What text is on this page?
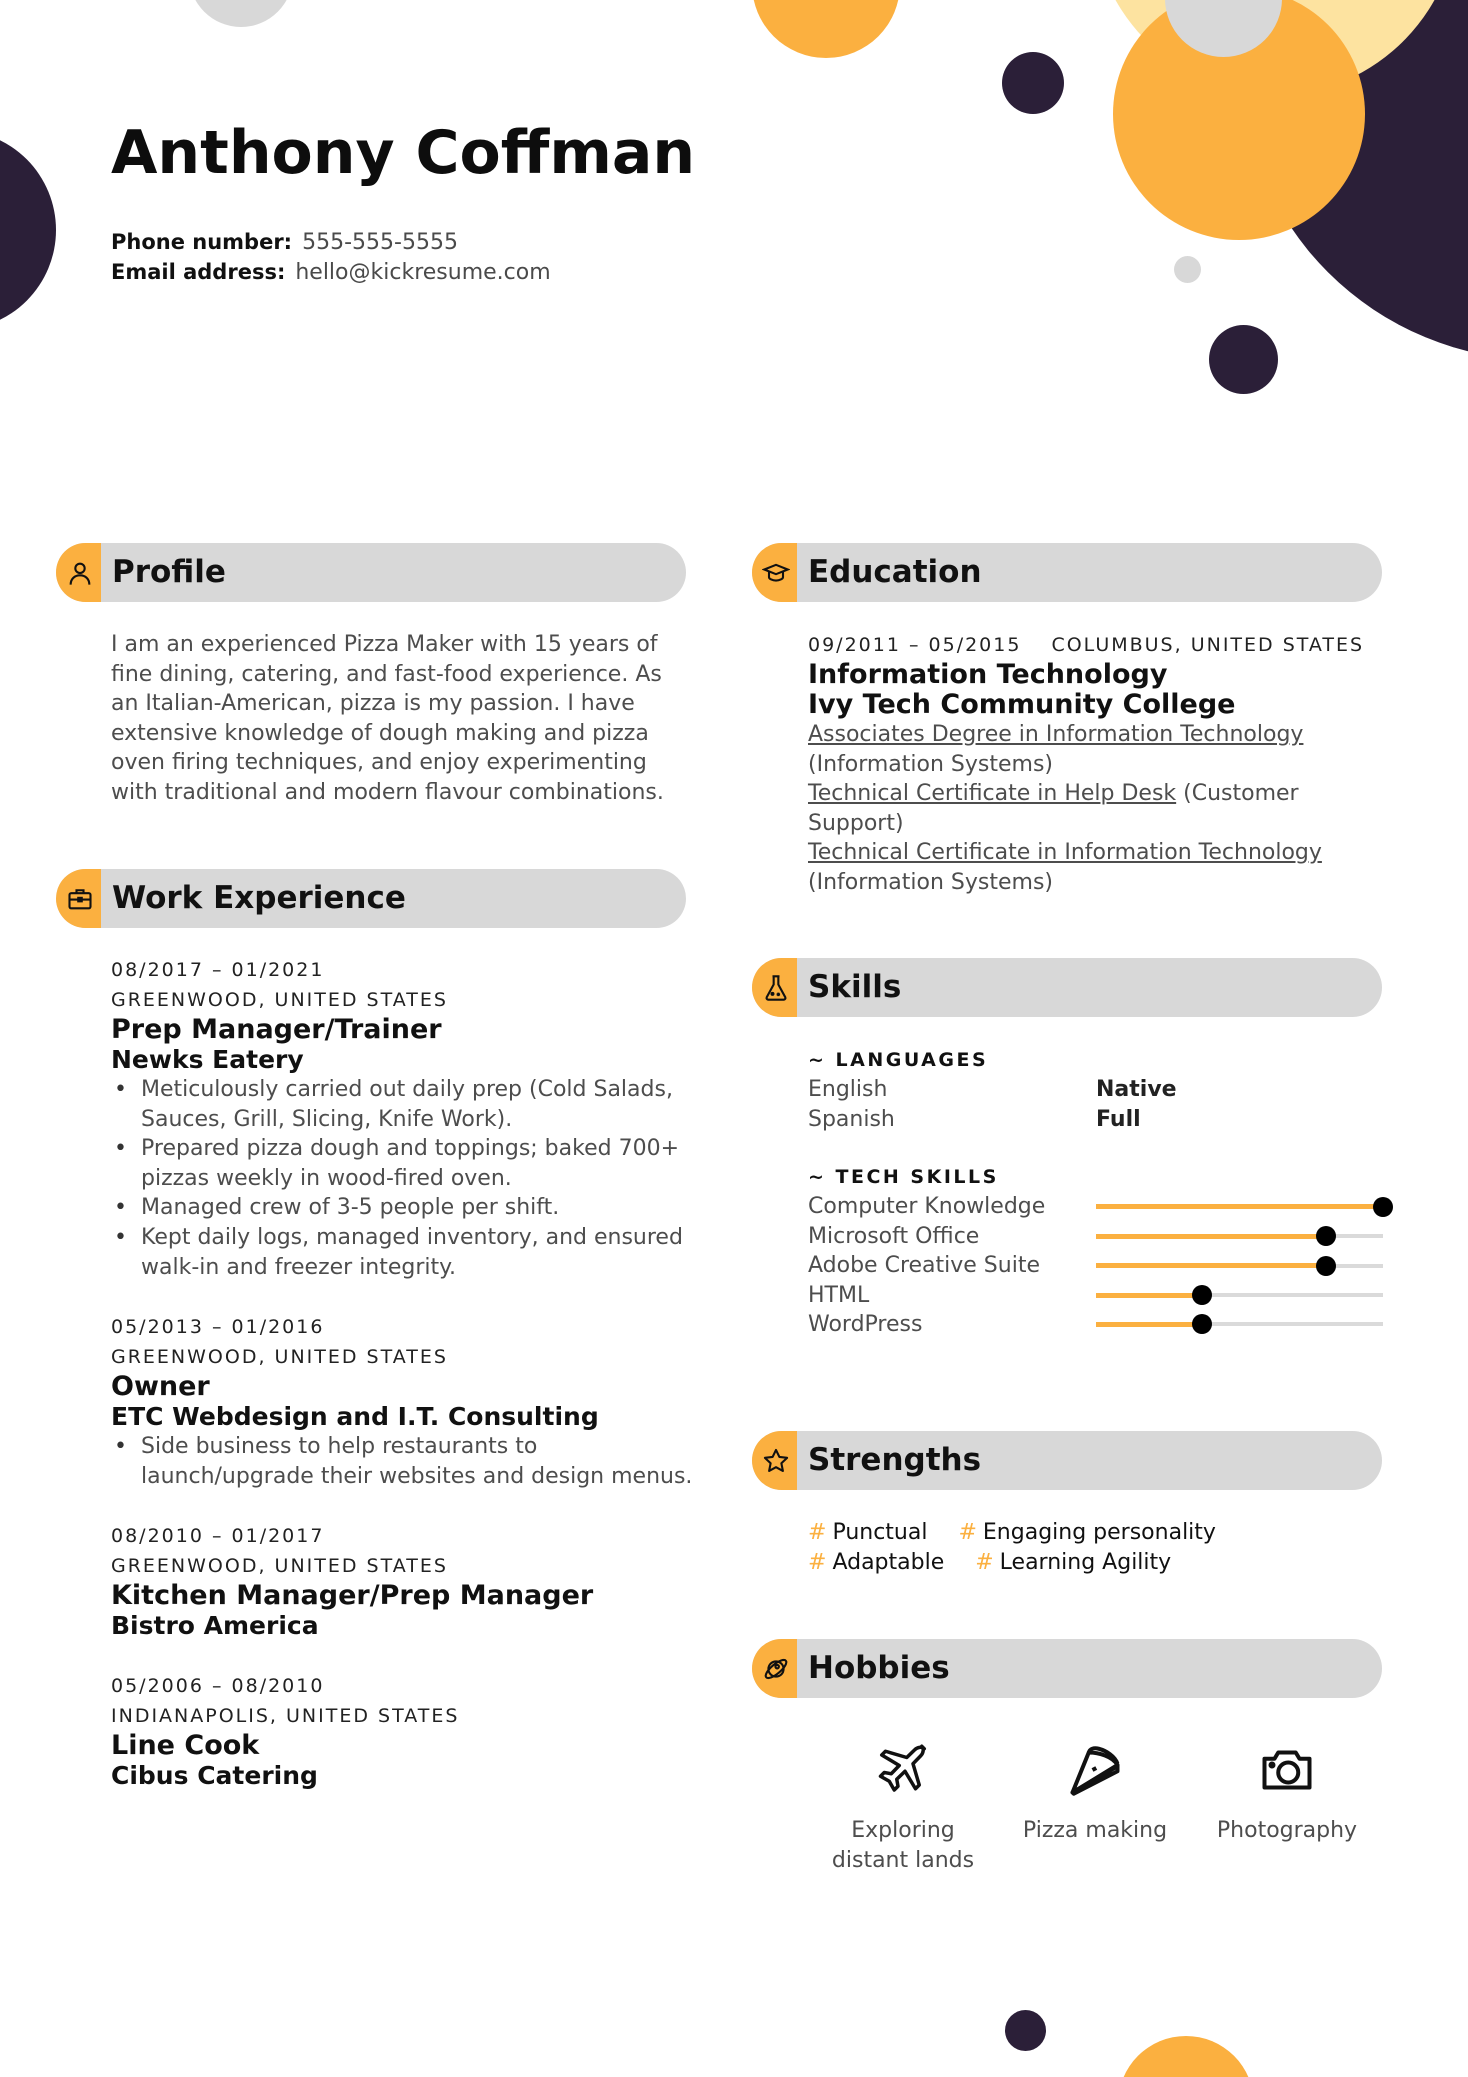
Anthony Coffman
Phone number: 555-555-5555
Email address: hello@kickresume.com
Profile
I am an experienced Pizza Maker with 15 years of fine dining, catering, and fast-food experience. As an Italian-American, pizza is my passion. I have extensive knowledge of dough making and pizza oven firing techniques, and enjoy experimenting with traditional and modern flavour combinations.
Work Experience
08/2017 – 01/2021
GREENWOOD, UNITED STATES
Prep Manager/Trainer
Newks Eatery
• Meticulously carried out daily prep (Cold Salads, Sauces, Grill, Slicing, Knife Work).
• Prepared pizza dough and toppings; baked 700+ pizzas weekly in wood-fired oven.
• Managed crew of 3-5 people per shift.
• Kept daily logs, managed inventory, and ensured walk-in and freezer integrity.
05/2013 – 01/2016
GREENWOOD, UNITED STATES
Owner
ETC Webdesign and I.T. Consulting
• Side business to help restaurants to launch/upgrade their websites and design menus.
08/2010 – 01/2017
GREENWOOD, UNITED STATES
Kitchen Manager/Prep Manager
Bistro America
05/2006 – 08/2010
INDIANAPOLIS, UNITED STATES
Line Cook
Cibus Catering
Education
09/2011 – 05/2015 COLUMBUS, UNITED STATES
Information Technology
Ivy Tech Community College
Associates Degree in Information Technology (Information Systems)
Technical Certificate in Help Desk (Customer Support)
Technical Certificate in Information Technology (Information Systems)
Skills
~ LANGUAGES
English	Native
Spanish	Full
~ TECH SKILLS
Computer Knowledge
Microsoft Office
Adobe Creative Suite
HTML
WordPress
Strengths
# Punctual # Engaging personality
# Adaptable # Learning Agility
Hobbies
Exploring distant lands
Pizza making	Photography
